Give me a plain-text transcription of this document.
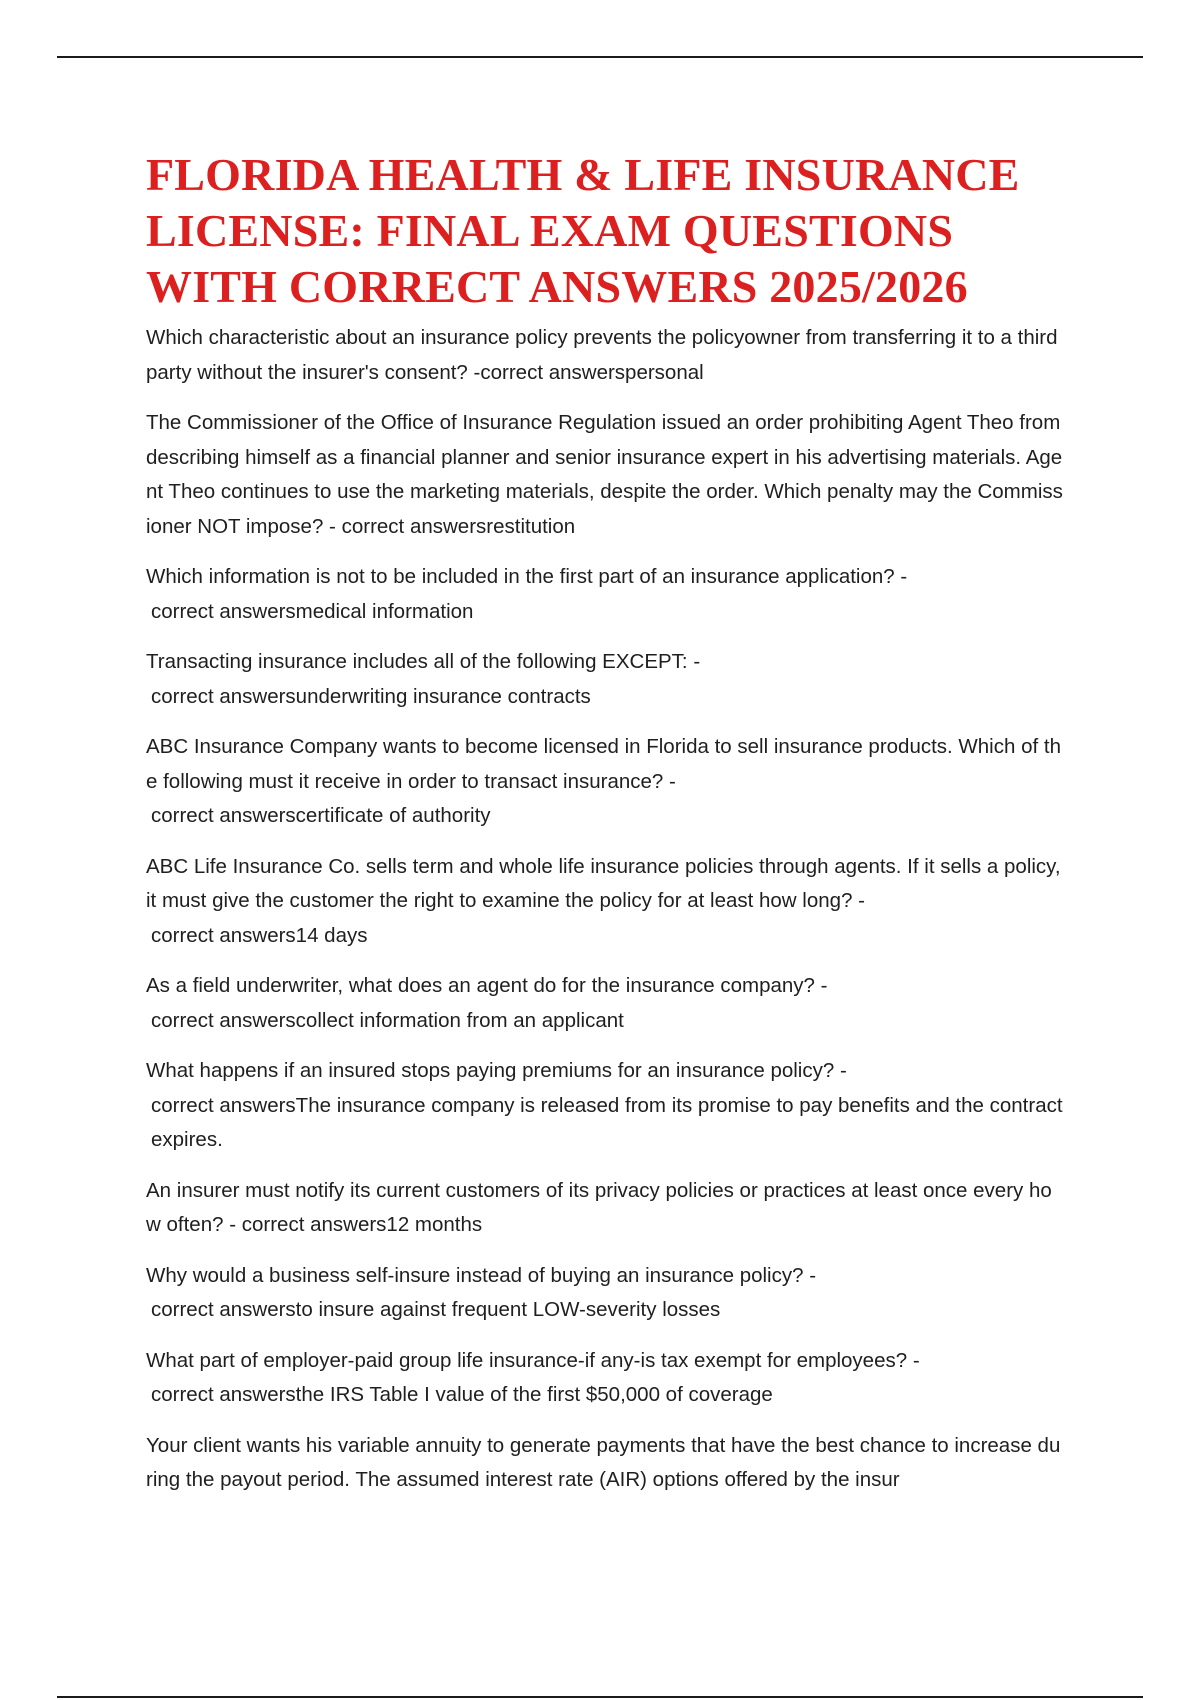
FLORIDA HEALTH & LIFE INSURANCE LICENSE: FINAL EXAM QUESTIONS WITH CORRECT ANSWERS 2025/2026

Which characteristic about an insurance policy prevents the policyowner from transferring it to a third party without the insurer's consent? -correct answerspersonal

The Commissioner of the Office of Insurance Regulation issued an order prohibiting Agent Theo from describing himself as a financial planner and senior insurance expert in his advertising materials. Agent Theo continues to use the marketing materials, despite the order. Which penalty may the Commissioner NOT impose? - correct answersrestitution

Which information is not to be included in the first part of an insurance application? -
correct answersmedical information

Transacting insurance includes all of the following EXCEPT: -
correct answersunderwriting insurance contracts

ABC Insurance Company wants to become licensed in Florida to sell insurance products. Which of the following must it receive in order to transact insurance? -
correct answerscertificate of authority

ABC Life Insurance Co. sells term and whole life insurance policies through agents. If it sells a policy, it must give the customer the right to examine the policy for at least how long? -
correct answers14 days

As a field underwriter, what does an agent do for the insurance company? -
correct answerscollect information from an applicant

What happens if an insured stops paying premiums for an insurance policy? -
correct answersThe insurance company is released from its promise to pay benefits and the contract expires.

An insurer must notify its current customers of its privacy policies or practices at least once every how often? - correct answers12 months

Why would a business self-insure instead of buying an insurance policy? -
correct answersto insure against frequent LOW-severity losses

What part of employer-paid group life insurance-if any-is tax exempt for employees? -
correct answersthe IRS Table I value of the first $50,000 of coverage

Your client wants his variable annuity to generate payments that have the best chance to increase during the payout period. The assumed interest rate (AIR) options offered by the insur
